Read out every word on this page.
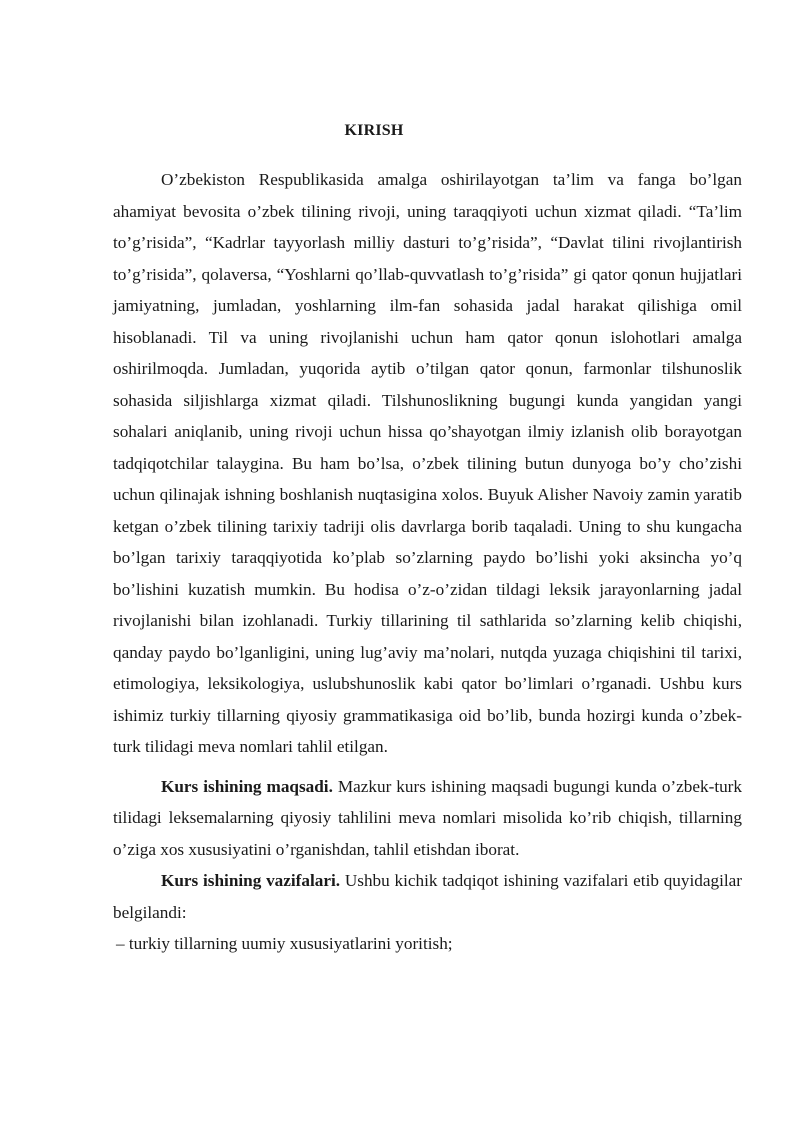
KIRISH

O’zbekiston Respublikasida amalga oshirilayotgan ta’lim va fanga bo’lgan ahamiyat bevosita o’zbek tilining rivoji, uning taraqqiyoti uchun xizmat qiladi. “Ta’lim to’g’risida”, “Kadrlar tayyorlash milliy dasturi to’g’risida”, “Davlat tilini rivojlantirish to’g’risida”, qolaversa, “Yoshlarni qo’llab-quvvatlash to’g’risida” gi qator qonun hujjatlari jamiyatning, jumladan, yoshlarning ilm-fan sohasida jadal harakat qilishiga omil hisoblanadi. Til va uning rivojlanishi uchun ham qator qonun islohotlari amalga oshirilmoqda. Jumladan, yuqorida aytib o’tilgan qator qonun, farmonlar tilshunoslik sohasida siljishlarga xizmat qiladi. Tilshunoslikning bugungi kunda yangidan yangi sohalari aniqlanib, uning rivoji uchun hissa qo’shayotgan ilmiy izlanish olib borayotgan tadqiqotchilar talaygina. Bu ham bo’lsa, o’zbek tilining butun dunyoga bo’y cho’zishi uchun qilinajak ishning boshlanish nuqtasigina xolos. Buyuk Alisher Navoiy zamin yaratib ketgan o’zbek tilining tarixiy tadriji olis davrlarga borib taqaladi. Uning to shu kungacha bo’lgan tarixiy taraqqiyotida ko’plab so’zlarning paydo bo’lishi yoki aksincha yo’q bo’lishini kuzatish mumkin. Bu hodisa o’z-o’zidan tildagi leksik jarayonlarning jadal rivojlanishi bilan izohlanadi. Turkiy tillarining til sathlarida so’zlarning kelib chiqishi, qanday paydo bo’lganligini, uning lug’aviy ma’nolari, nutqda yuzaga chiqishini til tarixi, etimologiya, leksikologiya, uslubshunoslik kabi qator bo’limlari o’rganadi. Ushbu kurs ishimiz turkiy tillarning qiyosiy grammatikasiga oid bo’lib, bunda hozirgi kunda o’zbek-turk tilidagi meva nomlari tahlil etilgan.

Kurs ishining maqsadi. Mazkur kurs ishining maqsadi bugungi kunda o’zbek-turk tilidagi leksemalarning qiyosiy tahlilini meva nomlari misolida ko’rib chiqish, tillarning o’ziga xos xususiyatini o’rganishdan, tahlil etishdan iborat.

Kurs ishining vazifalari. Ushbu kichik tadqiqot ishining vazifalari etib quyidagilar belgilandi:

– turkiy tillarning uumiy xususiyatlarini yoritish;
